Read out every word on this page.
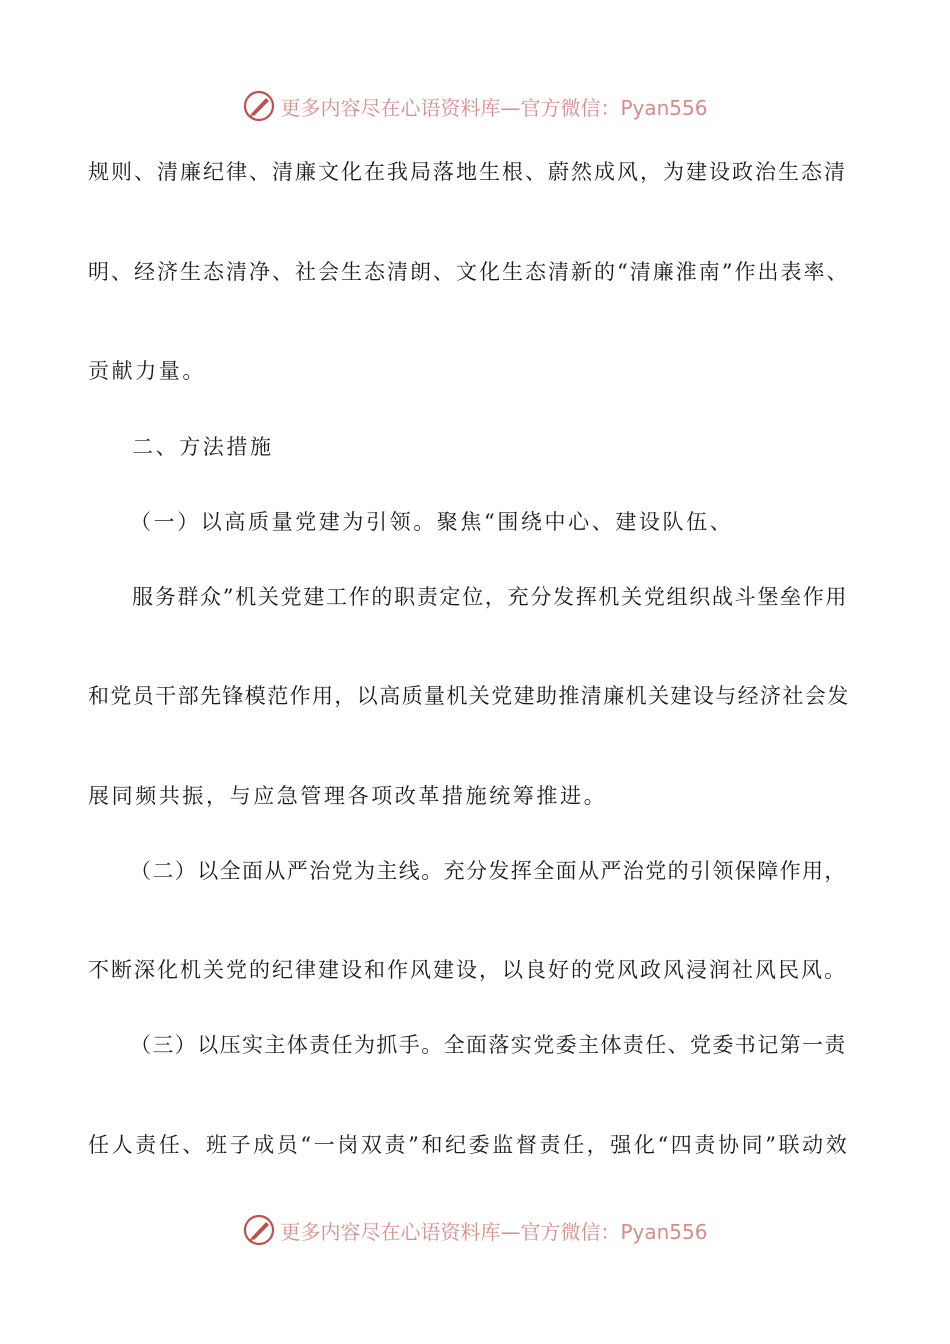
更多内容尽在心语资料库—官方微信：Pyan556
规则、清廉纪律、清廉文化在我局落地生根、蔚然成风，为建设政治生态清
明、经济生态清净、社会生态清朗、文化生态清新的“清廉淮南”作出表率、
贡献力量。
二、方法措施
（一）以高质量党建为引领。聚焦“围绕中心、建设队伍、
服务群众”机关党建工作的职责定位，充分发挥机关党组织战斗堡垒作用
和党员干部先锋模范作用，以高质量机关党建助推清廉机关建设与经济社会发
展同频共振，与应急管理各项改革措施统筹推进。
（二）以全面从严治党为主线。充分发挥全面从严治党的引领保障作用，
不断深化机关党的纪律建设和作风建设，以良好的党风政风浸润社风民风。
（三）以压实主体责任为抓手。全面落实党委主体责任、党委书记第一责
任人责任、班子成员“一岗双责”和纪委监督责任，强化“四责协同”联动效
更多内容尽在心语资料库—官方微信：Pyan556
